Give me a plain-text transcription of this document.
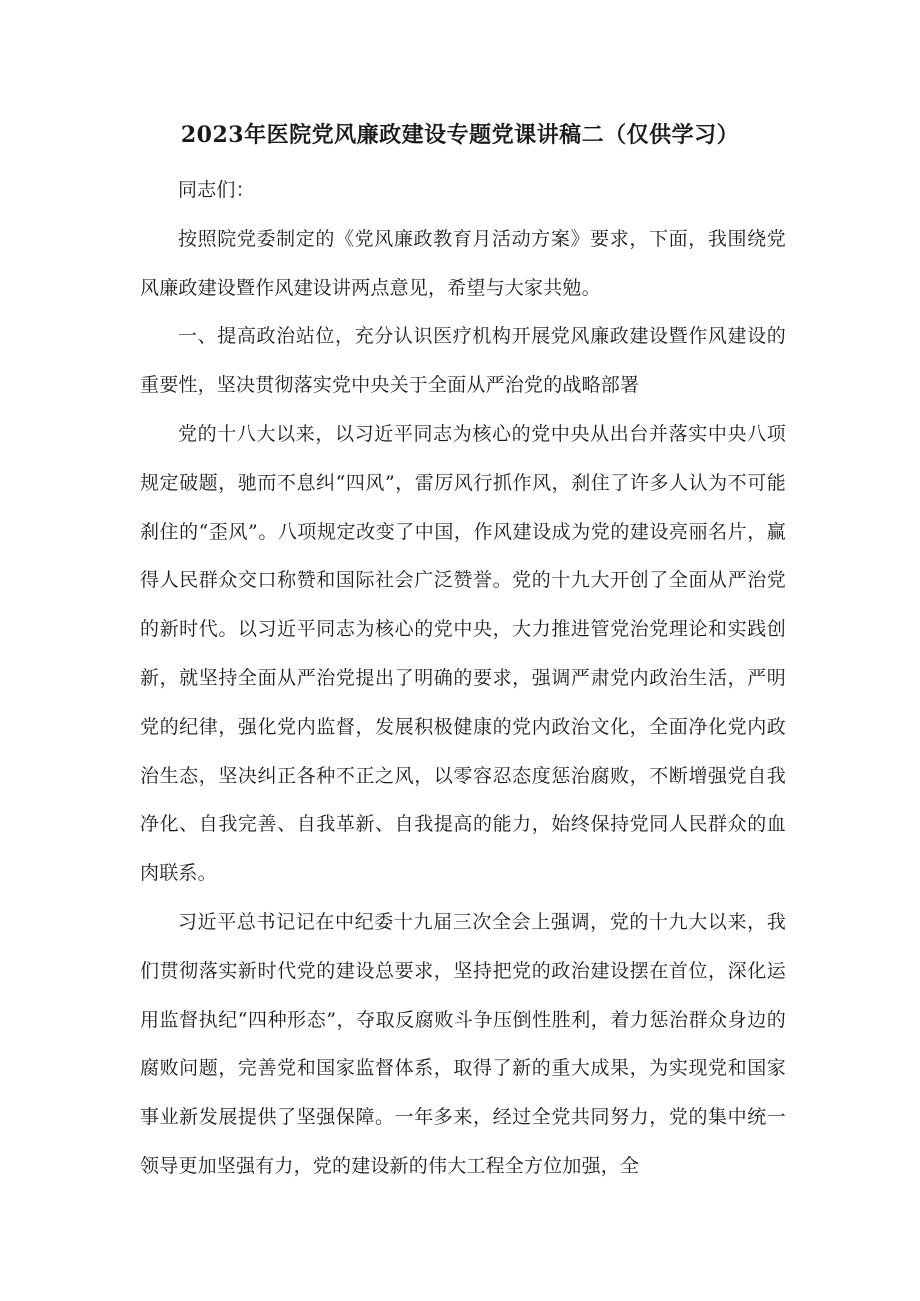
2023年医院党风廉政建设专题党课讲稿二（仅供学习）

同志们：

按照院党委制定的《党风廉政教育月活动方案》要求，下面，我围绕党风廉政建设暨作风建设讲两点意见，希望与大家共勉。

一、提高政治站位，充分认识医疗机构开展党风廉政建设暨作风建设的重要性，坚决贯彻落实党中央关于全面从严治党的战略部署

党的十八大以来，以习近平同志为核心的党中央从出台并落实中央八项规定破题，驰而不息纠“四风”，雷厉风行抓作风，刹住了许多人认为不可能刹住的“歪风”。八项规定改变了中国，作风建设成为党的建设亮丽名片，赢得人民群众交口称赞和国际社会广泛赞誉。党的十九大开创了全面从严治党的新时代。以习近平同志为核心的党中央，大力推进管党治党理论和实践创新，就坚持全面从严治党提出了明确的要求，强调严肃党内政治生活，严明党的纪律，强化党内监督，发展积极健康的党内政治文化，全面净化党内政治生态，坚决纠正各种不正之风，以零容忍态度惩治腐败，不断增强党自我净化、自我完善、自我革新、自我提高的能力，始终保持党同人民群众的血肉联系。

习近平总书记记在中纪委十九届三次全会上强调，党的十九大以来，我们贯彻落实新时代党的建设总要求，坚持把党的政治建设摆在首位，深化运用监督执纪“四种形态”，夺取反腐败斗争压倒性胜利，着力惩治群众身边的腐败问题，完善党和国家监督体系，取得了新的重大成果，为实现党和国家事业新发展提供了坚强保障。一年多来，经过全党共同努力，党的集中统一领导更加坚强有力，党的建设新的伟大工程全方位加强，全
